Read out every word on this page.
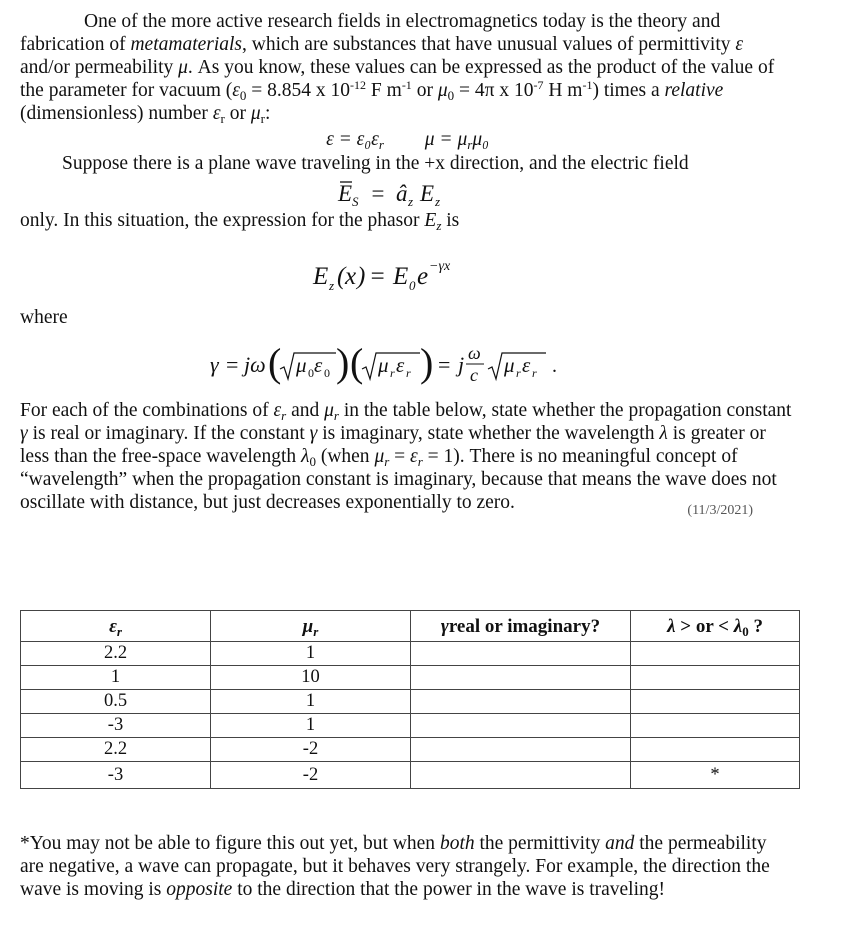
One of the more active research fields in electromagnetics today is the theory and fabrication of metamaterials, which are substances that have unusual values of permittivity ε and/or permeability μ. As you know, these values can be expressed as the product of the value of the parameter for vacuum ($\varepsilon_0 = 8.854$ x $10^{-12}$ F $m^{-1}$ or $\mu_0 = 4\pi$ x $10^{-7}$ H $m^{-1}$) times a relative (dimensionless) number $\varepsilon_r$ or $\mu_r$:

$\varepsilon = \varepsilon_0\varepsilon_r$ $\mu = \mu_r\mu_0$

Suppose there is a plane wave traveling in the +x direction, and the electric field

E S = â z E z

only. In this situation, the expression for the phasor $E_z$ is

E z ( x ) = E 0 e −γx

where

γ = jω ( μ 0 ε 0 ) ( μ r ε r ) = j ω
c μ r ε r .

For each of the combinations of $\varepsilon_r$ and $\mu_r$ in the table below, state whether the propagation constant γ is real or imaginary. If the constant γ is imaginary, state whether the wavelength λ is greater or less than the free-space wavelength $\lambda_0$ (when $\mu_r = \varepsilon_r = 1$). There is no meaningful concept of “wavelength” when the propagation constant is imaginary, because that means the wave does not oscillate with distance, but just decreases exponentially to zero.

$\varepsilon_r$	$\mu_r$	γreal or imaginary?	λ > or < $\lambda_0$ ?
2.2	1		
1	10		
0.5	1		
-3	1		
2.2	-2		
-3	-2		*

*You may not be able to figure this out yet, but when both the permittivity and the permeability are negative, a wave can propagate, but it behaves very strangely. For example, the direction the wave is moving is opposite to the direction that the power in the wave is traveling!

(11/3/2021)
